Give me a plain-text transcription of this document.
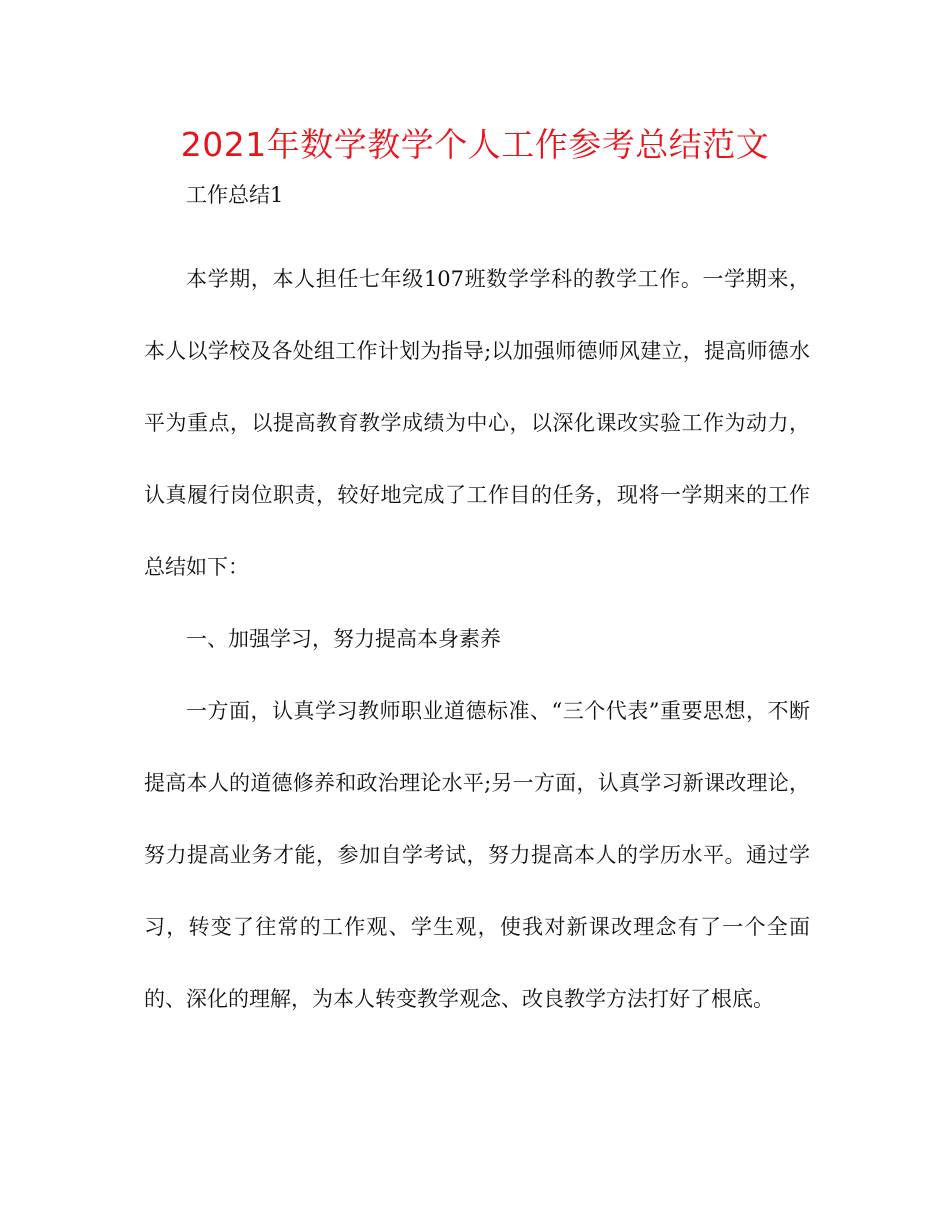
2021年数学教学个人工作参考总结范文

工作总结1

本学期，本人担任七年级107班数学学科的教学工作。一学期来，本人以学校及各处组工作计划为指导;以加强师德师风建立，提高师德水平为重点，以提高教育教学成绩为中心，以深化课改实验工作为动力，认真履行岗位职责，较好地完成了工作目的任务，现将一学期来的工作总结如下：

一、加强学习，努力提高本身素养

一方面，认真学习教师职业道德标准、“三个代表”重要思想，不断提高本人的道德修养和政治理论水平;另一方面，认真学习新课改理论，努力提高业务才能，参加自学考试，努力提高本人的学历水平。通过学习，转变了往常的工作观、学生观，使我对新课改理念有了一个全面的、深化的理解，为本人转变教学观念、改良教学方法打好了根底。
